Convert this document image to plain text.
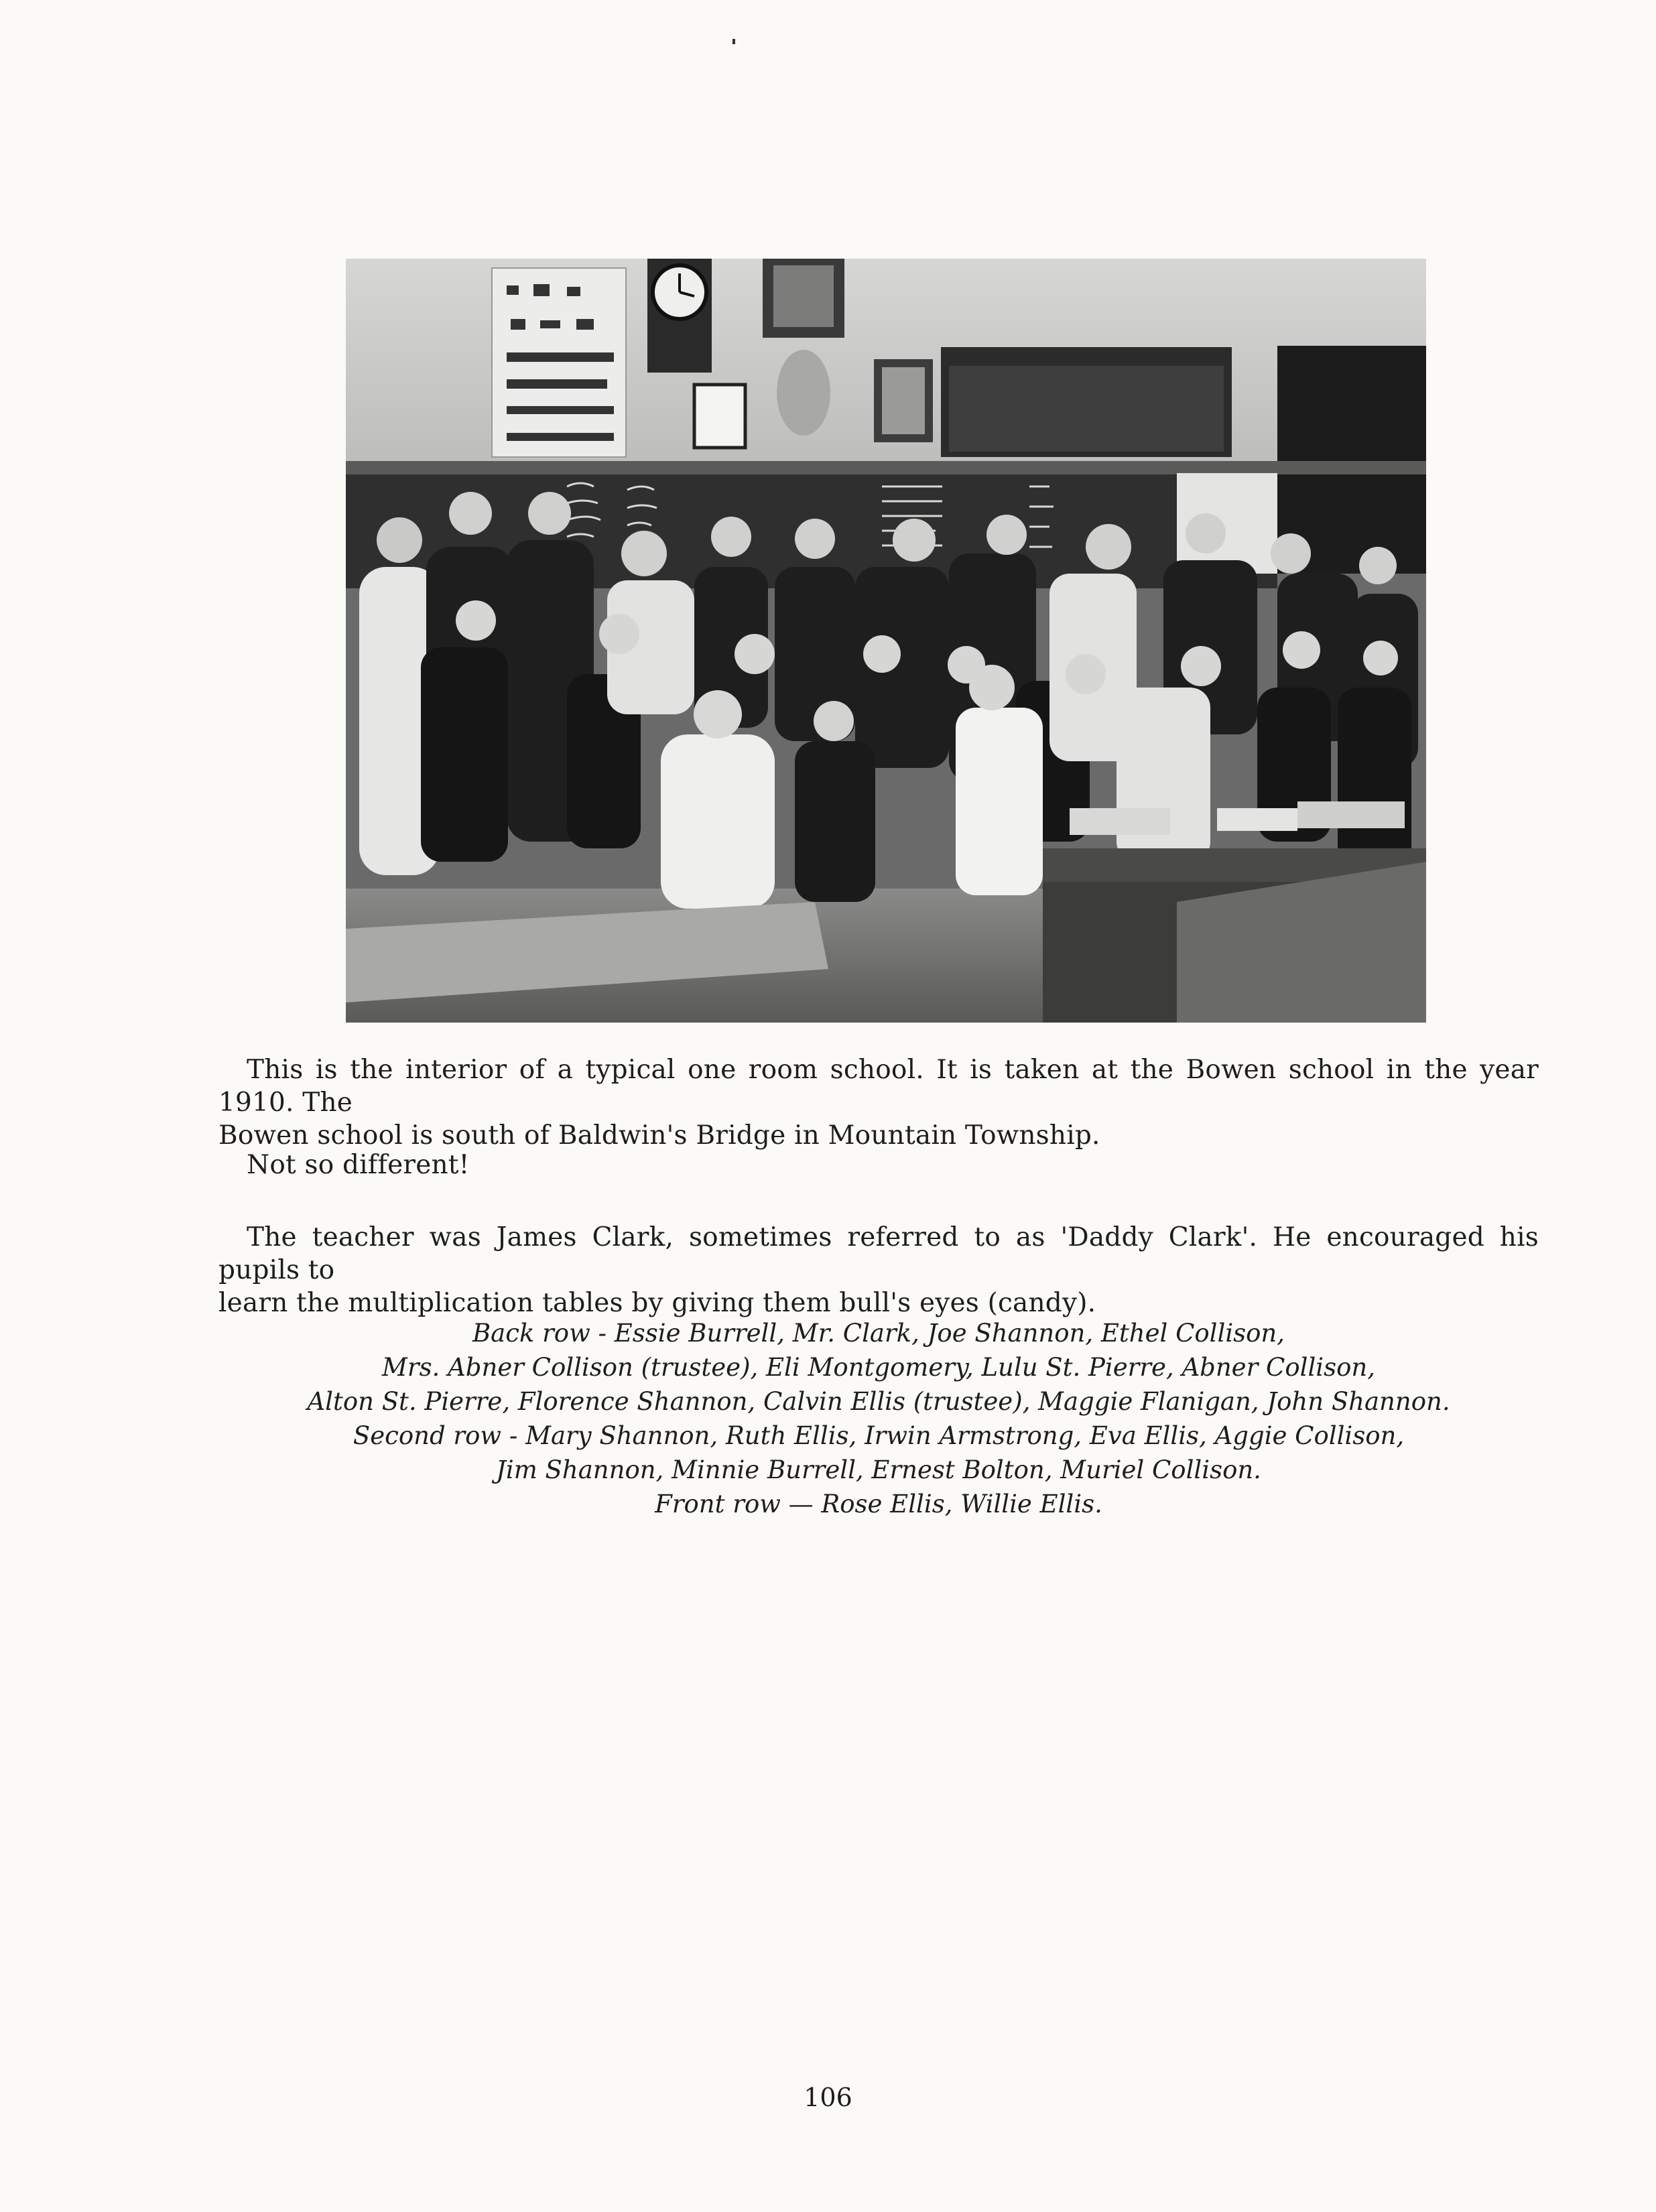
This is the interior of a typical one room school. It is taken at the Bowen school in the year 1910. The
Bowen school is south of Baldwin's Bridge in Mountain Township.
Not so different!
The teacher was James Clark, sometimes referred to as 'Daddy Clark'. He encouraged his pupils to
learn the multiplication tables by giving them bull's eyes (candy).
Back row - Essie Burrell, Mr. Clark, Joe Shannon, Ethel Collison,
Mrs. Abner Collison (trustee), Eli Montgomery, Lulu St. Pierre, Abner Collison,
Alton St. Pierre, Florence Shannon, Calvin Ellis (trustee), Maggie Flanigan, John Shannon.
Second row - Mary Shannon, Ruth Ellis, Irwin Armstrong, Eva Ellis, Aggie Collison,
Jim Shannon, Minnie Burrell, Ernest Bolton, Muriel Collison.
Front row — Rose Ellis, Willie Ellis.
106
